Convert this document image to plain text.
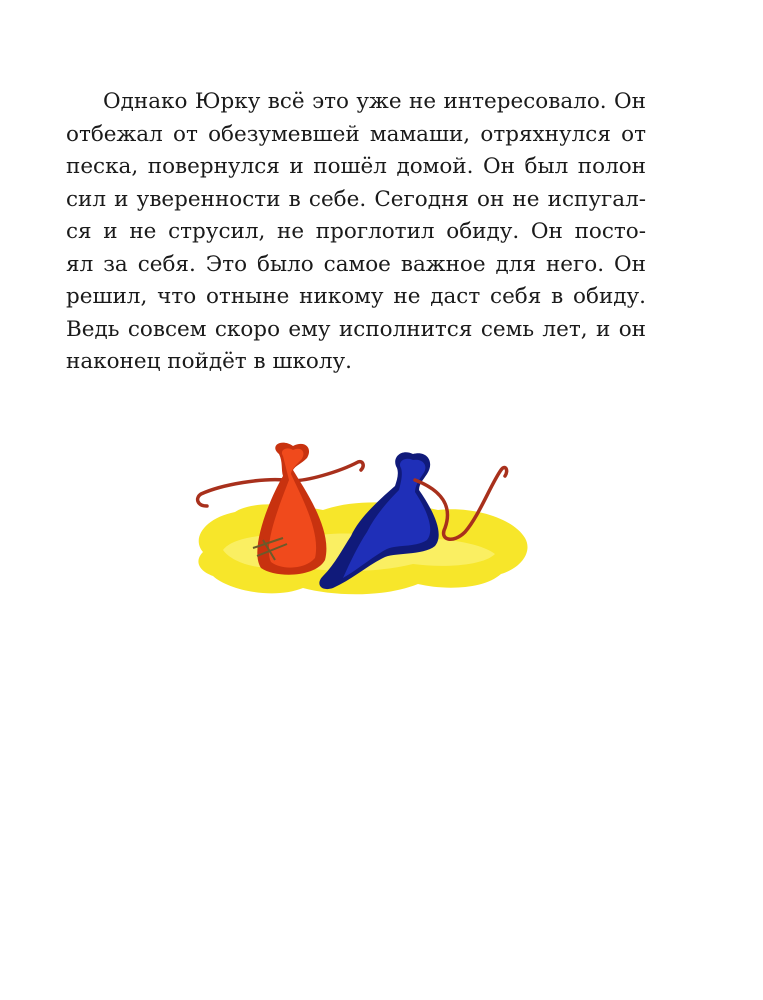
Однако Юрку всё это уже не интересовало. Он
отбежал от обезумевшей мамаши, отряхнулся от
песка, повернулся и пошёл домой. Он был полон
сил и уверенности в себе. Сегодня он не испугал-
ся и не струсил, не проглотил обиду. Он посто-
ял за себя. Это было самое важное для него. Он
решил, что отныне никому не даст себя в обиду.
Ведь совсем скоро ему исполнится семь лет, и он
наконец пойдёт в школу.
